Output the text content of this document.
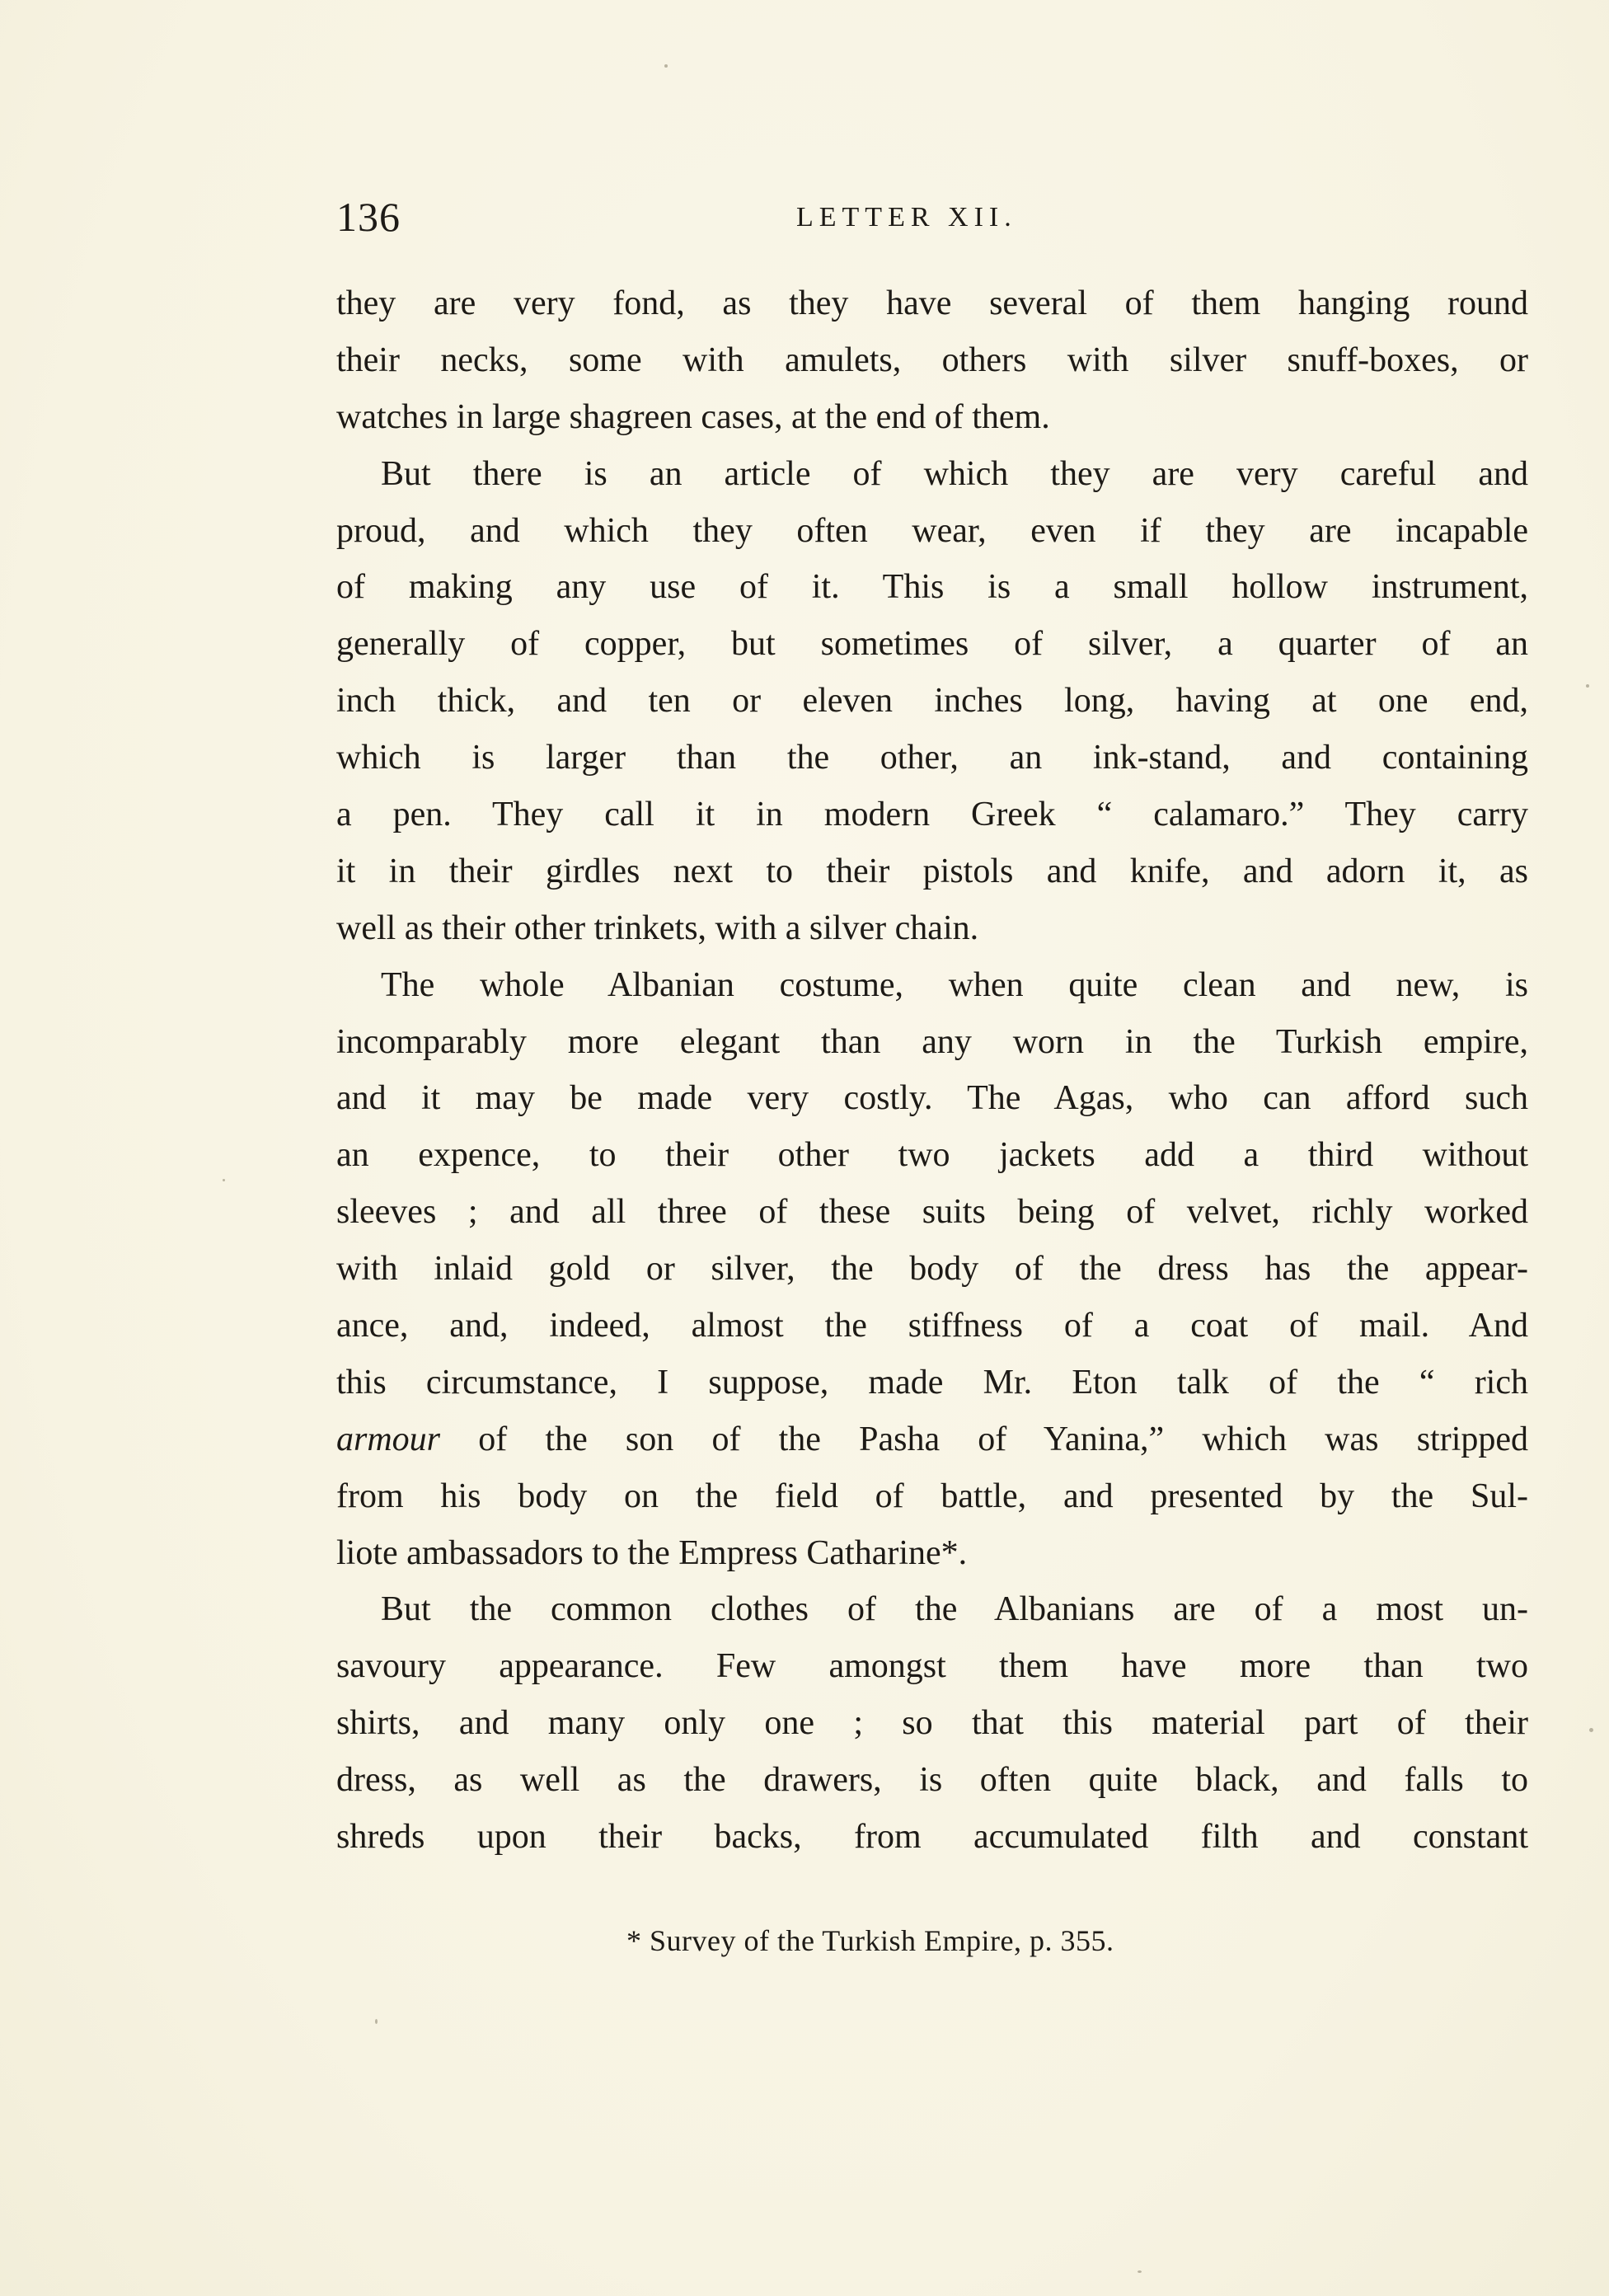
136	LETTER XII.
they are very fond, as they have several of them hanging round
their necks, some with amulets, others with silver snuff-boxes, or
watches in large shagreen cases, at the end of them.
But there is an article of which they are very careful and
proud, and which they often wear, even if they are incapable
of making any use of it. This is a small hollow instrument,
generally of copper, but sometimes of silver, a quarter of an
inch thick, and ten or eleven inches long, having at one end,
which is larger than the other, an ink-stand, and containing
a pen. They call it in modern Greek “ calamaro.” They carry
it in their girdles next to their pistols and knife, and adorn it, as
well as their other trinkets, with a silver chain.
The whole Albanian costume, when quite clean and new, is
incomparably more elegant than any worn in the Turkish empire,
and it may be made very costly. The Agas, who can afford such
an expence, to their other two jackets add a third without
sleeves ; and all three of these suits being of velvet, richly worked
with inlaid gold or silver, the body of the dress has the appear-
ance, and, indeed, almost the stiffness of a coat of mail. And
this circumstance, I suppose, made Mr. Eton talk of the “ rich
armour of the son of the Pasha of Yanina,” which was stripped
from his body on the field of battle, and presented by the Sul-
liote ambassadors to the Empress Catharine*.
But the common clothes of the Albanians are of a most un-
savoury appearance. Few amongst them have more than two
shirts, and many only one ; so that this material part of their
dress, as well as the drawers, is often quite black, and falls to
shreds upon their backs, from accumulated filth and constant
* Survey of the Turkish Empire, p. 355.
